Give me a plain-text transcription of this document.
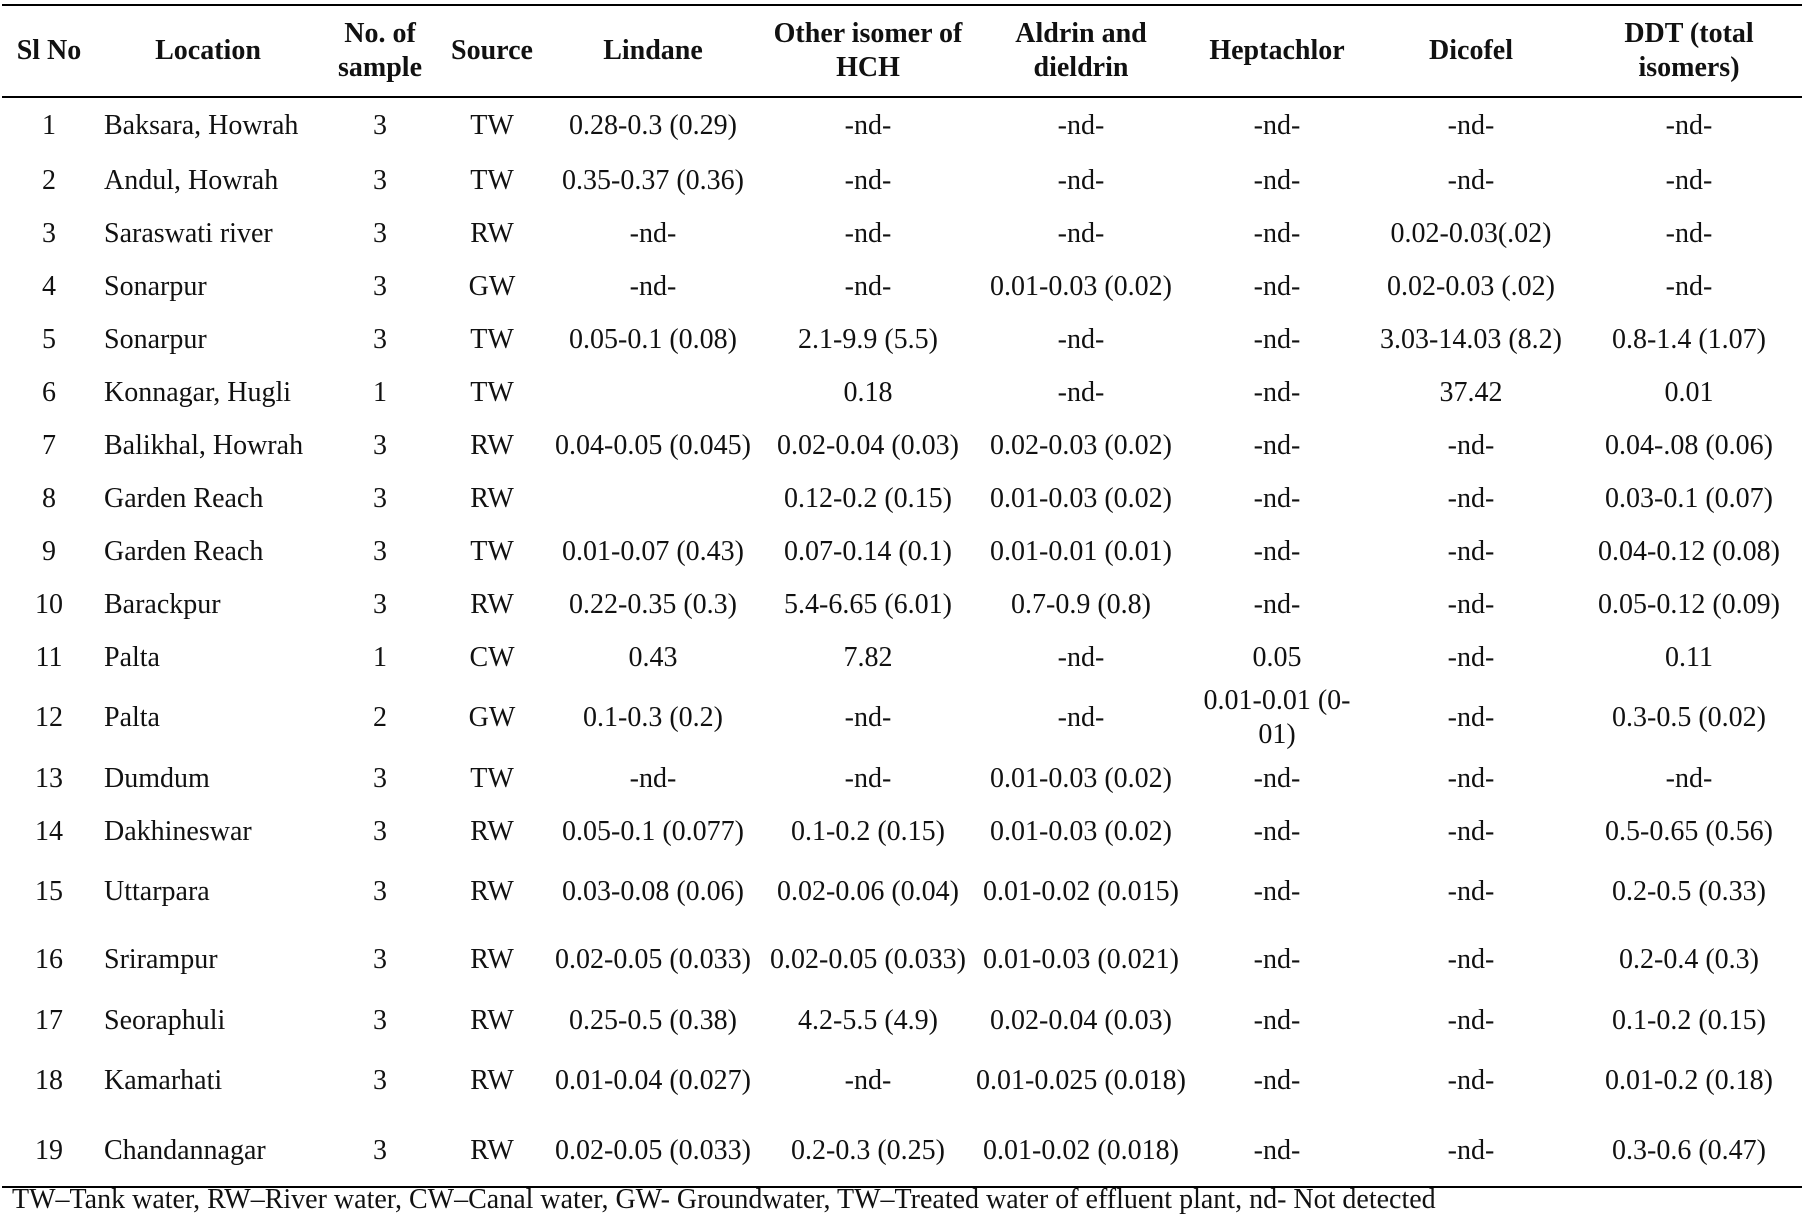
Sl No	Location	No. of sample	Source	Lindane	Other isomer of HCH	Aldrin and dieldrin	Heptachlor	Dicofel	DDT (total isomers)
1	Baksara, Howrah	3	TW	0.28-0.3 (0.29)	-nd-	-nd-	-nd-	-nd-	-nd-
2	Andul, Howrah	3	TW	0.35-0.37 (0.36)	-nd-	-nd-	-nd-	-nd-	-nd-
3	Saraswati river	3	RW	-nd-	-nd-	-nd-	-nd-	0.02-0.03(.02)	-nd-
4	Sonarpur	3	GW	-nd-	-nd-	0.01-0.03 (0.02)	-nd-	0.02-0.03 (.02)	-nd-
5	Sonarpur	3	TW	0.05-0.1 (0.08)	2.1-9.9 (5.5)	-nd-	-nd-	3.03-14.03 (8.2)	0.8-1.4 (1.07)
6	Konnagar, Hugli	1	TW		0.18	-nd-	-nd-	37.42	0.01
7	Balikhal, Howrah	3	RW	0.04-0.05 (0.045)	0.02-0.04 (0.03)	0.02-0.03 (0.02)	-nd-	-nd-	0.04-.08 (0.06)
8	Garden Reach	3	RW		0.12-0.2 (0.15)	0.01-0.03 (0.02)	-nd-	-nd-	0.03-0.1 (0.07)
9	Garden Reach	3	TW	0.01-0.07 (0.43)	0.07-0.14 (0.1)	0.01-0.01 (0.01)	-nd-	-nd-	0.04-0.12 (0.08)
10	Barackpur	3	RW	0.22-0.35 (0.3)	5.4-6.65 (6.01)	0.7-0.9 (0.8)	-nd-	-nd-	0.05-0.12 (0.09)
11	Palta	1	CW	0.43	7.82	-nd-	0.05	-nd-	0.11
12	Palta	2	GW	0.1-0.3 (0.2)	-nd-	-nd-	0.01-0.01 (0-01)	-nd-	0.3-0.5 (0.02)
13	Dumdum	3	TW	-nd-	-nd-	0.01-0.03 (0.02)	-nd-	-nd-	-nd-
14	Dakhineswar	3	RW	0.05-0.1 (0.077)	0.1-0.2 (0.15)	0.01-0.03 (0.02)	-nd-	-nd-	0.5-0.65 (0.56)
15	Uttarpara	3	RW	0.03-0.08 (0.06)	0.02-0.06 (0.04)	0.01-0.02 (0.015)	-nd-	-nd-	0.2-0.5 (0.33)
16	Srirampur	3	RW	0.02-0.05 (0.033)	0.02-0.05 (0.033)	0.01-0.03 (0.021)	-nd-	-nd-	0.2-0.4 (0.3)
17	Seoraphuli	3	RW	0.25-0.5 (0.38)	4.2-5.5 (4.9)	0.02-0.04 (0.03)	-nd-	-nd-	0.1-0.2 (0.15)
18	Kamarhati	3	RW	0.01-0.04 (0.027)	-nd-	0.01-0.025 (0.018)	-nd-	-nd-	0.01-0.2 (0.18)
19	Chandannagar	3	RW	0.02-0.05 (0.033)	0.2-0.3 (0.25)	0.01-0.02 (0.018)	-nd-	-nd-	0.3-0.6 (0.47)
TW–Tank water, RW–River water, CW–Canal water, GW- Groundwater, TW–Treated water of effluent plant, nd- Not detected
